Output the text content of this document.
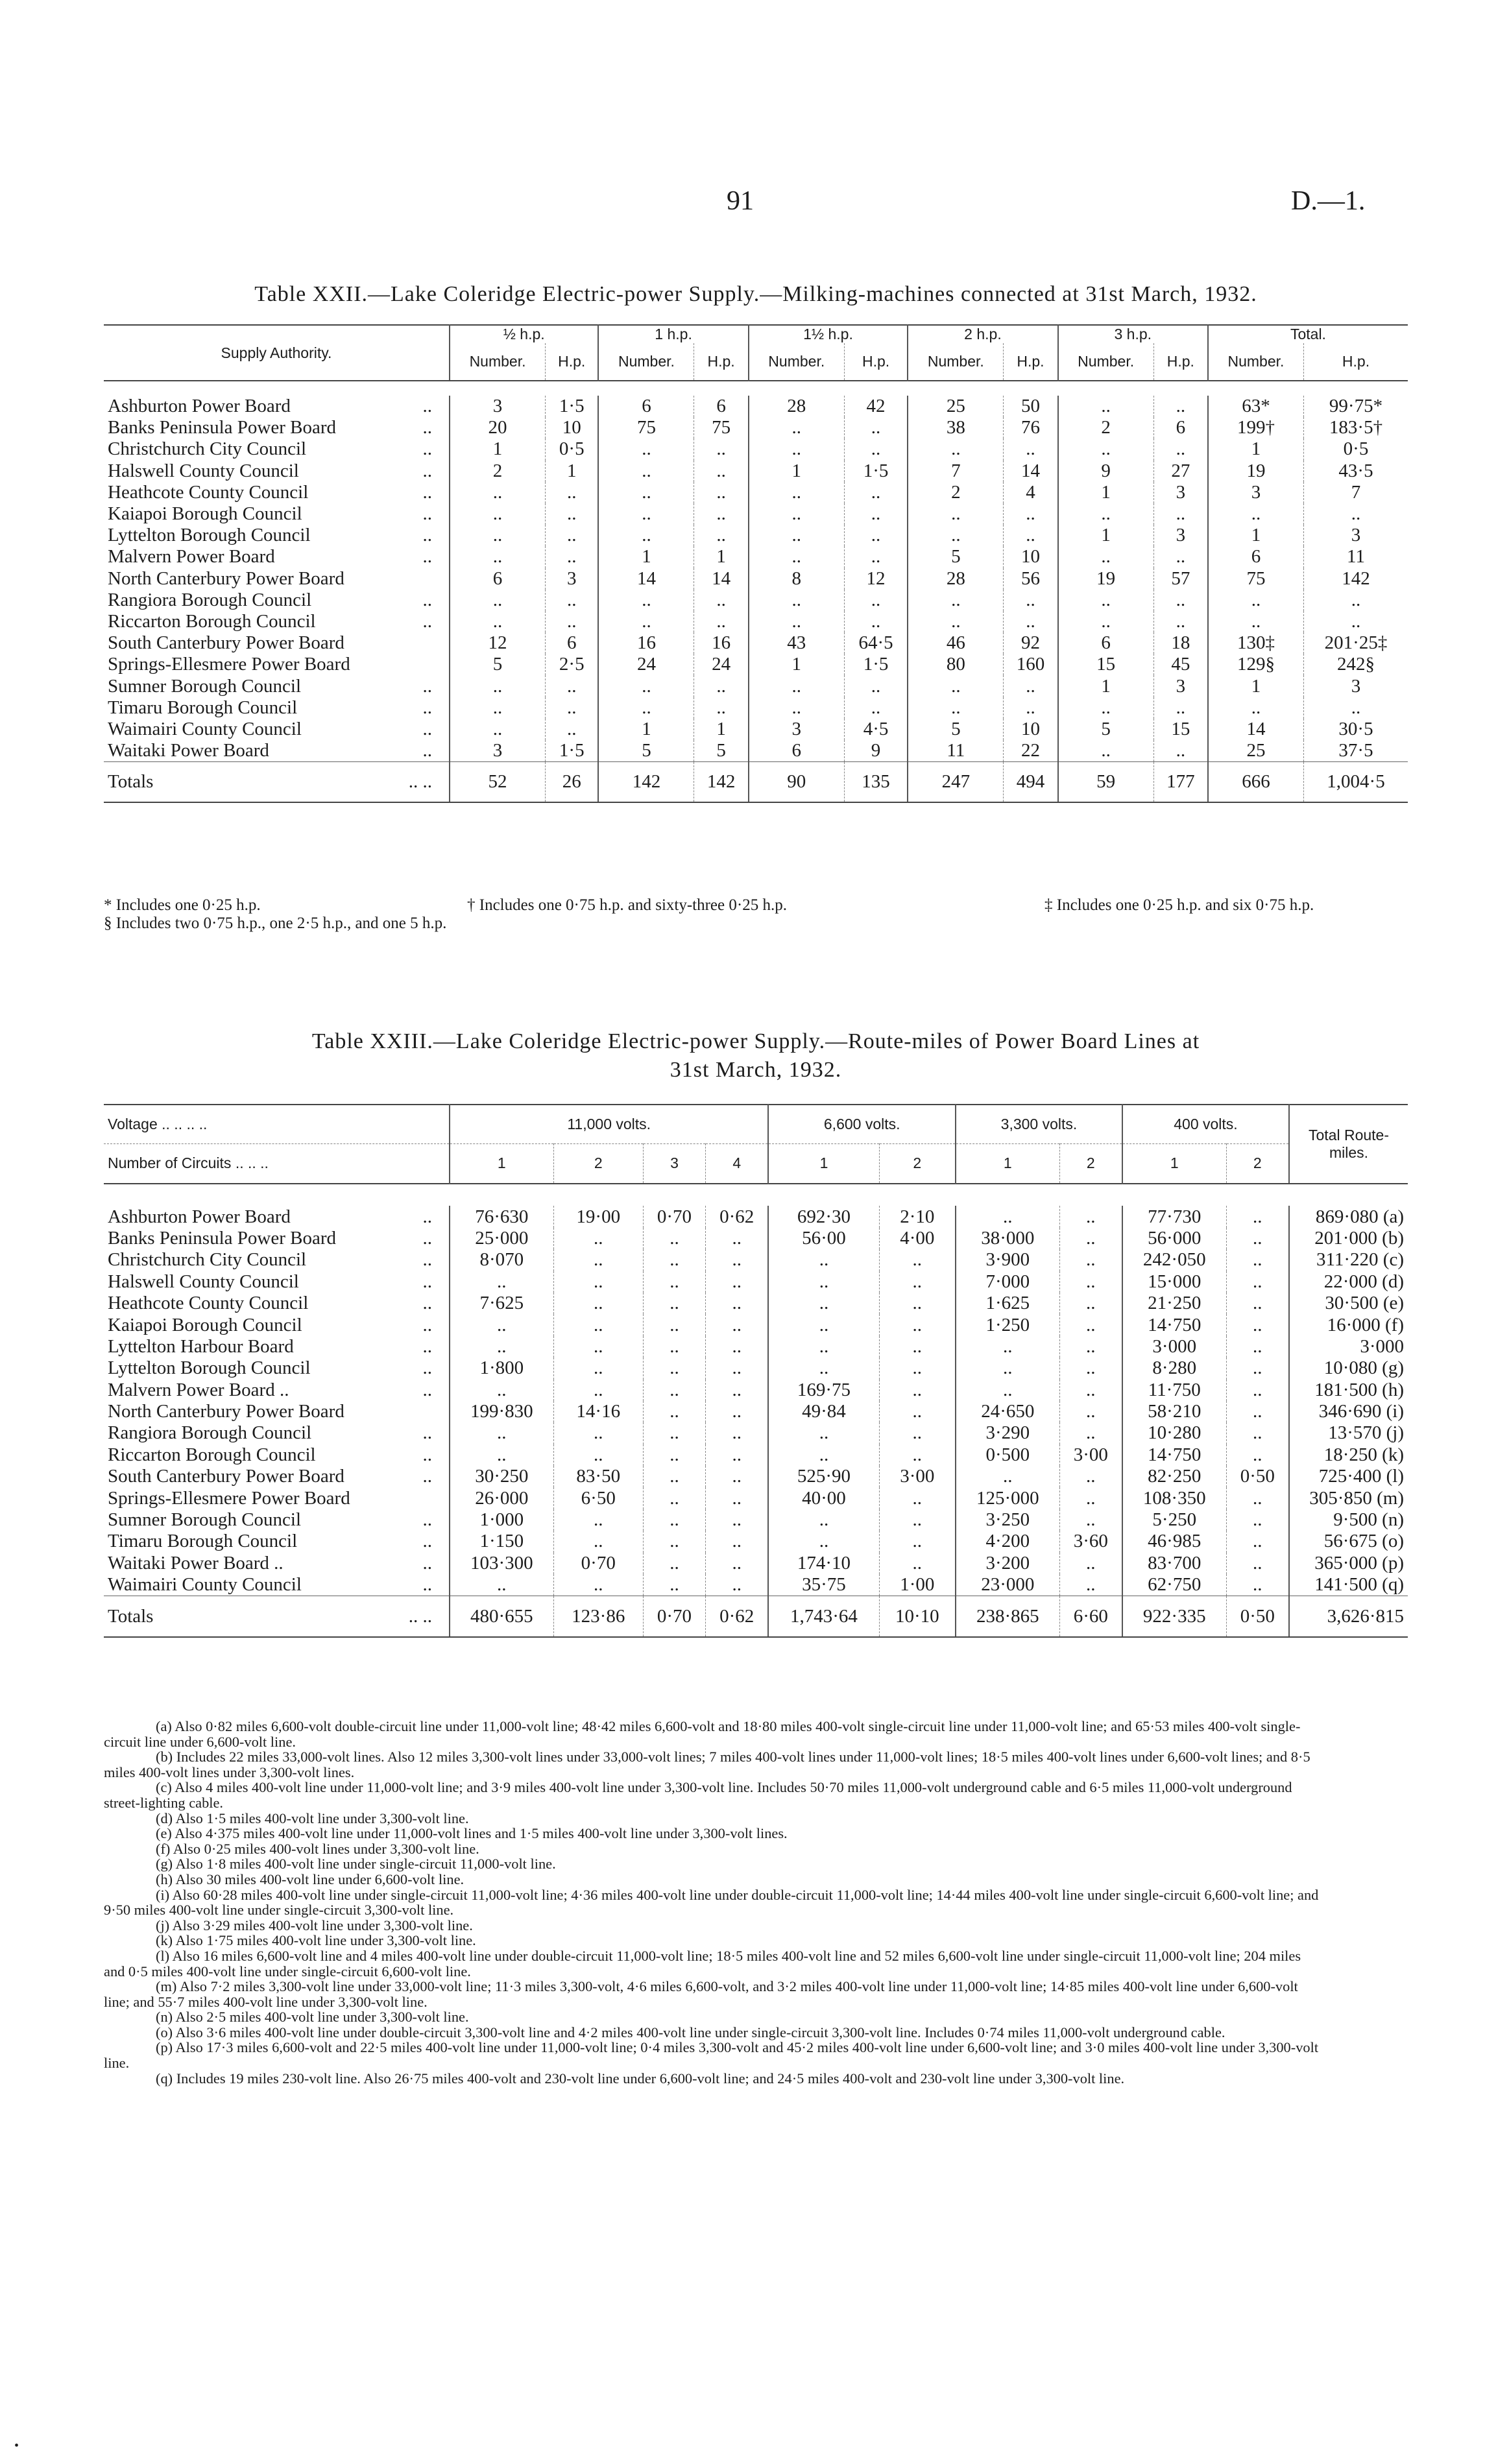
91	D.—1.
Table XXII.—Lake Coleridge Electric-power Supply.—Milking-machines connected at 31st March, 1932.
Supply Authority.	½ h.p.		1 h.p.		1½ h.p.		2 h.p.		3 h.p.		Total.	
	Number.	H.p.	Number.	H.p.	Number.	H.p.	Number.	H.p.	Number.	H.p.	Number.	H.p.

Ashburton Power Board ..	3	1·5	6	6	28	42	25	50	..	..	63*	99·75*
Banks Peninsula Power Board ..	20	10	75	75	..	..	38	76	2	6	199†	183·5†
Christchurch City Council ..	1	0·5	..	..	..	..	..	..	..	..	1	0·5
Halswell County Council ..	2	1	..	..	1	1·5	7	14	9	27	19	43·5
Heathcote County Council ..	..	..	..	..	..	..	2	4	1	3	3	7
Kaiapoi Borough Council ..	..	..	..	..	..	..	..	..	..	..	..	..
Lyttelton Borough Council ..	..	..	..	..	..	..	..	..	1	3	1	3
Malvern Power Board ..	..	..	1	1	..	..	5	10	..	..	6	11
North Canterbury Power Board	6	3	14	14	8	12	28	56	19	57	75	142
Rangiora Borough Council ..	..	..	..	..	..	..	..	..	..	..	..	..
Riccarton Borough Council ..	..	..	..	..	..	..	..	..	..	..	..	..
South Canterbury Power Board	12	6	16	16	43	64·5	46	92	6	18	130‡	201·25‡
Springs-Ellesmere Power Board	5	2·5	24	24	1	1·5	80	160	15	45	129§	242§
Sumner Borough Council ..	..	..	..	..	..	..	..	..	1	3	1	3
Timaru Borough Council ..	..	..	..	..	..	..	..	..	..	..	..	..
Waimairi County Council ..	..	..	1	1	3	4·5	5	10	5	15	14	30·5
Waitaki Power Board ..	3	1·5	5	5	6	9	11	22	..	..	25	37·5
Totals .. ..	52	26	142	142	90	135	247	494	59	177	666	1,004·5
* Includes one 0·25 h.p.	† Includes one 0·75 h.p. and sixty-three 0·25 h.p.	‡ Includes one 0·25 h.p. and six 0·75 h.p.
§ Includes two 0·75 h.p., one 2·5 h.p., and one 5 h.p.
Table XXIII.—Lake Coleridge Electric-power Supply.—Route-miles of Power Board Lines at
31st March, 1932.
Voltage .. .. .. ..	11,000 volts.				6,600 volts.		3,300 volts.		400 volts.		Total Route-miles.
Number of Circuits .. .. ..	1	2	3	4	1	2	1	2	1	2	

Ashburton Power Board ..	76·630	19·00	0·70	0·62	692·30	2·10	..	..	77·730	..	869·080 (a)
Banks Peninsula Power Board ..	25·000	..	..	..	56·00	4·00	38·000	..	56·000	..	201·000 (b)
Christchurch City Council ..	8·070	..	..	..	..	..	3·900	..	242·050	..	311·220 (c)
Halswell County Council ..	..	..	..	..	..	..	7·000	..	15·000	..	22·000 (d)
Heathcote County Council ..	7·625	..	..	..	..	..	1·625	..	21·250	..	30·500 (e)
Kaiapoi Borough Council ..	..	..	..	..	..	..	1·250	..	14·750	..	16·000 (f)
Lyttelton Harbour Board ..	..	..	..	..	..	..	..	..	3·000	..	3·000
Lyttelton Borough Council ..	1·800	..	..	..	..	..	..	..	8·280	..	10·080 (g)
Malvern Power Board .. ..	..	..	..	..	169·75	..	..	..	11·750	..	181·500 (h)
North Canterbury Power Board	199·830	14·16	..	..	49·84	..	24·650	..	58·210	..	346·690 (i)
Rangiora Borough Council ..	..	..	..	..	..	..	3·290	..	10·280	..	13·570 (j)
Riccarton Borough Council ..	..	..	..	..	..	..	0·500	3·00	14·750	..	18·250 (k)
South Canterbury Power Board ..	30·250	83·50	..	..	525·90	3·00	..	..	82·250	0·50	725·400 (l)
Springs-Ellesmere Power Board	26·000	6·50	..	..	40·00	..	125·000	..	108·350	..	305·850 (m)
Sumner Borough Council ..	1·000	..	..	..	..	..	3·250	..	5·250	..	9·500 (n)
Timaru Borough Council ..	1·150	..	..	..	..	..	4·200	3·60	46·985	..	56·675 (o)
Waitaki Power Board .. ..	103·300	0·70	..	..	174·10	..	3·200	..	83·700	..	365·000 (p)
Waimairi County Council ..	..	..	..	..	35·75	1·00	23·000	..	62·750	..	141·500 (q)
Totals .. ..	480·655	123·86	0·70	0·62	1,743·64	10·10	238·865	6·60	922·335	0·50	3,626·815

(a) Also 0·82 miles 6,600-volt double-circuit line under 11,000-volt line; 48·42 miles 6,600-volt and 18·80 miles 400-volt single-circuit line under 11,000-volt line; and 65·53 miles 400-volt single-circuit line under 6,600-volt line.

(b) Includes 22 miles 33,000-volt lines. Also 12 miles 3,300-volt lines under 33,000-volt lines; 7 miles 400-volt lines under 11,000-volt lines; 18·5 miles 400-volt lines under 6,600-volt lines; and 8·5 miles 400-volt lines under 3,300-volt lines.

(c) Also 4 miles 400-volt line under 11,000-volt line; and 3·9 miles 400-volt line under 3,300-volt line. Includes 50·70 miles 11,000-volt underground cable and 6·5 miles 11,000-volt underground street-lighting cable.

(d) Also 1·5 miles 400-volt line under 3,300-volt line.

(e) Also 4·375 miles 400-volt line under 11,000-volt lines and 1·5 miles 400-volt line under 3,300-volt lines.

(f) Also 0·25 miles 400-volt lines under 3,300-volt line.

(g) Also 1·8 miles 400-volt line under single-circuit 11,000-volt line.

(h) Also 30 miles 400-volt line under 6,600-volt line.

(i) Also 60·28 miles 400-volt line under single-circuit 11,000-volt line; 4·36 miles 400-volt line under double-circuit 11,000-volt line; 14·44 miles 400-volt line under single-circuit 6,600-volt line; and 9·50 miles 400-volt line under single-circuit 3,300-volt line.

(j) Also 3·29 miles 400-volt line under 3,300-volt line.

(k) Also 1·75 miles 400-volt line under 3,300-volt line.

(l) Also 16 miles 6,600-volt line and 4 miles 400-volt line under double-circuit 11,000-volt line; 18·5 miles 400-volt line and 52 miles 6,600-volt line under single-circuit 11,000-volt line; 204 miles and 0·5 miles 400-volt line under single-circuit 6,600-volt line.

(m) Also 7·2 miles 3,300-volt line under 33,000-volt line; 11·3 miles 3,300-volt, 4·6 miles 6,600-volt, and 3·2 miles 400-volt line under 11,000-volt line; 14·85 miles 400-volt line under 6,600-volt line; and 55·7 miles 400-volt line under 3,300-volt line.

(n) Also 2·5 miles 400-volt line under 3,300-volt line.

(o) Also 3·6 miles 400-volt line under double-circuit 3,300-volt line and 4·2 miles 400-volt line under single-circuit 3,300-volt line. Includes 0·74 miles 11,000-volt underground cable.

(p) Also 17·3 miles 6,600-volt and 22·5 miles 400-volt line under 11,000-volt line; 0·4 miles 3,300-volt and 45·2 miles 400-volt line under 6,600-volt line; and 3·0 miles 400-volt line under 3,300-volt line.

(q) Includes 19 miles 230-volt line. Also 26·75 miles 400-volt and 230-volt line under 6,600-volt line; and 24·5 miles 400-volt and 230-volt line under 3,300-volt line.

•
